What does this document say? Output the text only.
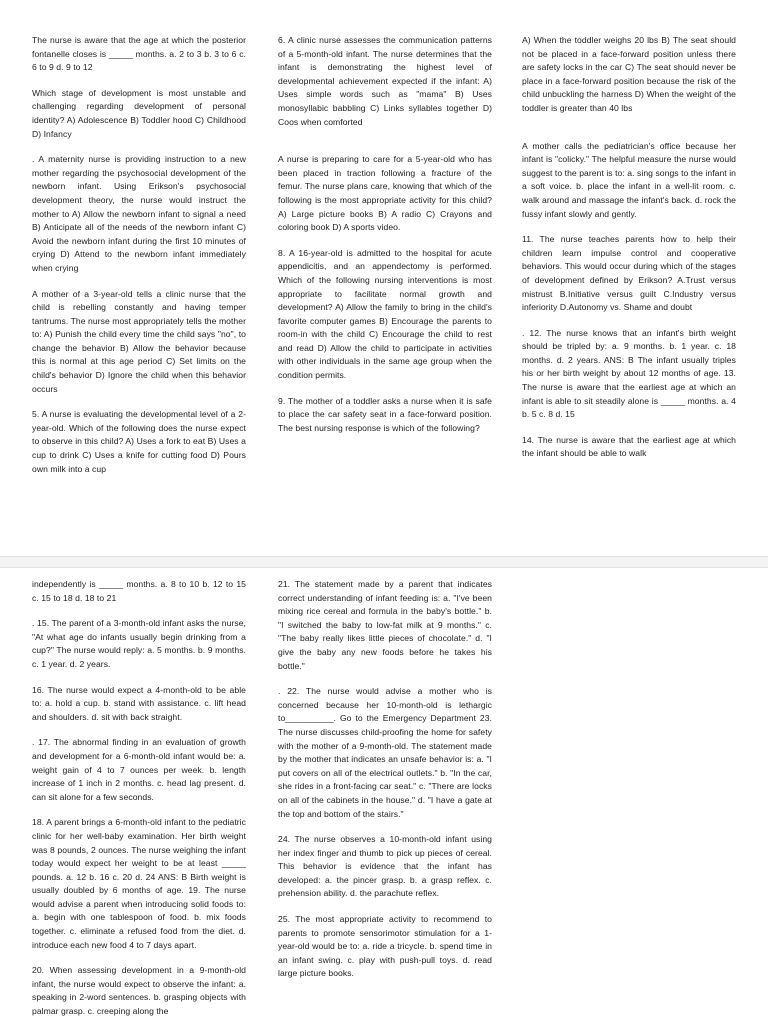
The nurse is aware that the age at which the posterior fontanelle closes is _____ months. a. 2 to 3 b. 3 to 6 c. 6 to 9 d. 9 to 12

Which stage of development is most unstable and challenging regarding development of personal identity? A) Adolescence B) Toddler hood C) Childhood D) Infancy

. A maternity nurse is providing instruction to a new mother regarding the psychosocial development of the newborn infant. Using Erikson's psychosocial development theory, the nurse would instruct the mother to A) Allow the newborn infant to signal a need B) Anticipate all of the needs of the newborn infant C) Avoid the newborn infant during the first 10 minutes of crying D) Attend to the newborn infant immediately when crying

A mother of a 3-year-old tells a clinic nurse that the child is rebelling constantly and having temper tantrums. The nurse most appropriately tells the mother to: A) Punish the child every time the child says "no", to change the behavior B) Allow the behavior because this is normal at this age period C) Set limits on the child's behavior D) Ignore the child when this behavior occurs

5. A nurse is evaluating the developmental level of a 2-year-old. Which of the following does the nurse expect to observe in this child? A) Uses a fork to eat B) Uses a cup to drink C) Uses a knife for cutting food D) Pours own milk into a cup

6. A clinic nurse assesses the communication patterns of a 5-month-old infant. The nurse determines that the infant is demonstrating the highest level of developmental achievement expected if the infant: A) Uses simple words such as "mama" B) Uses monosyllabic babbling C) Links syllables together D) Coos when comforted

A nurse is preparing to care for a 5-year-old who has been placed in traction following a fracture of the femur. The nurse plans care, knowing that which of the following is the most appropriate activity for this child? A) Large picture books B) A radio C) Crayons and coloring book D) A sports video.

8. A 16-year-old is admitted to the hospital for acute appendicitis, and an appendectomy is performed. Which of the following nursing interventions is most appropriate to facilitate normal growth and development? A) Allow the family to bring in the child's favorite computer games B) Encourage the parents to room-in with the child C) Encourage the child to rest and read D) Allow the child to participate in activities with other individuals in the same age group when the condition permits.

9. The mother of a toddler asks a nurse when it is safe to place the car safety seat in a face-forward position. The best nursing response is which of the following?

A) When the toddler weighs 20 lbs B) The seat should not be placed in a face-forward position unless there are safety locks in the car C) The seat should never be place in a face-forward position because the risk of the child unbuckling the harness D) When the weight of the toddler is greater than 40 lbs

A mother calls the pediatrician's office because her infant is "colicky." The helpful measure the nurse would suggest to the parent is to: a. sing songs to the infant in a soft voice. b. place the infant in a well-lit room. c. walk around and massage the infant's back. d. rock the fussy infant slowly and gently.

11. The nurse teaches parents how to help their children learn impulse control and cooperative behaviors. This would occur during which of the stages of development defined by Erikson? A.Trust versus mistrust B.Initiative versus guilt C.Industry versus inferiority D.Autonomy vs. Shame and doubt

. 12. The nurse knows that an infant's birth weight should be tripled by: a. 9 months. b. 1 year. c. 18 months. d. 2 years. ANS: B The infant usually triples his or her birth weight by about 12 months of age. 13. The nurse is aware that the earliest age at which an infant is able to sit steadily alone is _____ months. a. 4 b. 5 c. 8 d. 15

14. The nurse is aware that the earliest age at which the infant should be able to walk

independently is _____ months. a. 8 to 10 b. 12 to 15 c. 15 to 18 d. 18 to 21

. 15. The parent of a 3-month-old infant asks the nurse, "At what age do infants usually begin drinking from a cup?" The nurse would reply: a. 5 months. b. 9 months. c. 1 year. d. 2 years.

16. The nurse would expect a 4-month-old to be able to: a. hold a cup. b. stand with assistance. c. lift head and shoulders. d. sit with back straight.

. 17. The abnormal finding in an evaluation of growth and development for a 6-month-old infant would be: a. weight gain of 4 to 7 ounces per week. b. length increase of 1 inch in 2 months. c. head lag present. d. can sit alone for a few seconds.

18. A parent brings a 6-month-old infant to the pediatric clinic for her well-baby examination. Her birth weight was 8 pounds, 2 ounces. The nurse weighing the infant today would expect her weight to be at least _____ pounds. a. 12 b. 16 c. 20 d. 24 ANS: B Birth weight is usually doubled by 6 months of age. 19. The nurse would advise a parent when introducing solid foods to: a. begin with one tablespoon of food. b. mix foods together. c. eliminate a refused food from the diet. d. introduce each new food 4 to 7 days apart.

20. When assessing development in a 9-month-old infant, the nurse would expect to observe the infant: a. speaking in 2-word sentences. b. grasping objects with palmar grasp. c. creeping along the

21. The statement made by a parent that indicates correct understanding of infant feeding is: a. "I've been mixing rice cereal and formula in the baby's bottle." b. "I switched the baby to low-fat milk at 9 months." c. "The baby really likes little pieces of chocolate." d. "I give the baby any new foods before he takes his bottle."

. 22. The nurse would advise a mother who is concerned because her 10-month-old is lethargic to__________. Go to the Emergency Department 23. The nurse discusses child-proofing the home for safety with the mother of a 9-month-old. The statement made by the mother that indicates an unsafe behavior is: a. "I put covers on all of the electrical outlets." b. "In the car, she rides in a front-facing car seat." c. "There are locks on all of the cabinets in the house." d. "I have a gate at the top and bottom of the stairs."

24. The nurse observes a 10-month-old infant using her index finger and thumb to pick up pieces of cereal. This behavior is evidence that the infant has developed: a. the pincer grasp. b. a grasp reflex. c. prehension ability. d. the parachute reflex.

25. The most appropriate activity to recommend to parents to promote sensorimotor stimulation for a 1-year-old would be to: a. ride a tricycle. b. spend time in an infant swing. c. play with push-pull toys. d. read large picture books.
